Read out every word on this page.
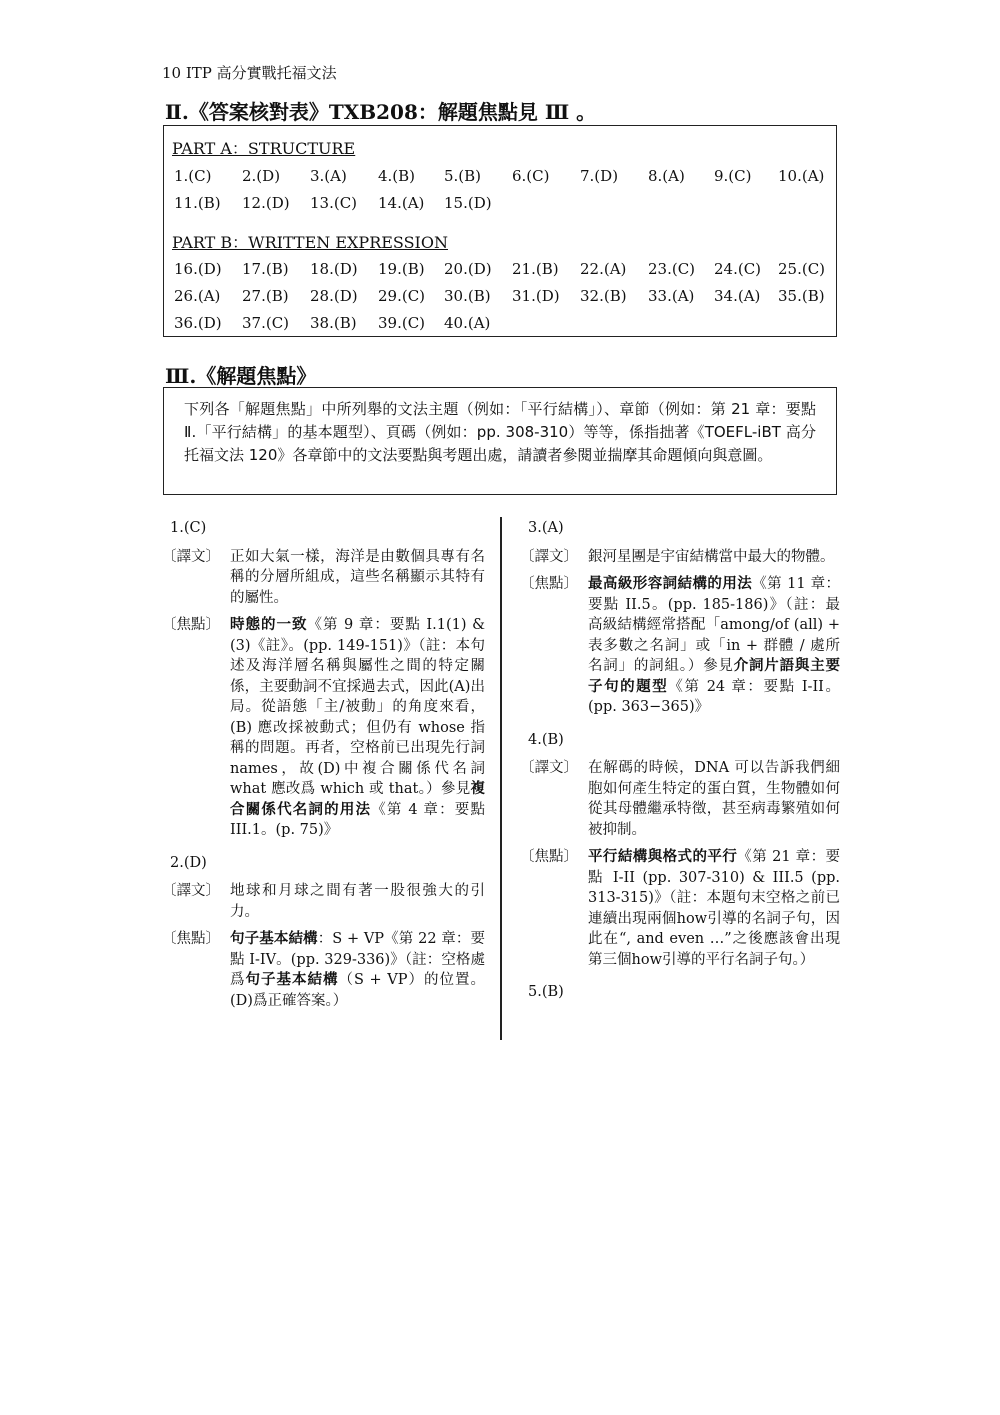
10 ITP 高分實戰托福文法
Ⅱ.《答案核對表》TXB208：解題焦點見 Ⅲ 。
PART A：STRUCTURE
1.(C) 2.(D) 3.(A) 4.(B) 5.(B) 6.(C) 7.(D) 8.(A) 9.(C) 10.(A)
11.(B) 12.(D) 13.(C) 14.(A) 15.(D)
PART B：WRITTEN EXPRESSION
16.(D) 17.(B) 18.(D) 19.(B) 20.(D) 21.(B) 22.(A) 23.(C) 24.(C) 25.(C)
26.(A) 27.(B) 28.(D) 29.(C) 30.(B) 31.(D) 32.(B) 33.(A) 34.(A) 35.(B)
36.(D) 37.(C) 38.(B) 39.(C) 40.(A)
Ⅲ.《解題焦點》
下列各「解題焦點」中所列舉的文法主題（例如：「平行結構」）、章節（例如：第 21 章：要點 Ⅱ.「平行結構」的基本題型）、頁碼（例如：pp. 308-310）等等，係指拙著《TOEFL-iBT 高分托福文法 120》各章節中的文法要點與考題出處，請讀者參閱並揣摩其命題傾向與意圖。
1.(C)
〔譯文〕 正如大氣一樣，海洋是由數個具專有名稱的分層所組成，這些名稱顯示其特有的屬性。
〔焦點〕 時態的一致《第 9 章：要點 I.1(1) & (3)《註》。(pp. 149-151)》（註：本句述及海洋層名稱與屬性之間的特定關係，主要動詞不宜採過去式，因此(A)出局。從語態「主/被動」的角度來看，(B) 應改採被動式；但仍有 whose 指稱的問題。再者，空格前已出現先行詞 names，故(D)中複合關係代名詞 what 應改爲 which 或 that。）參見複合關係代名詞的用法《第 4 章：要點 III.1。(p. 75)》
2.(D)
〔譯文〕 地球和月球之間有著一股很強大的引力。
〔焦點〕 句子基本結構：S + VP《第 22 章：要點 I-IV。(pp. 329-336)》（註：空格處爲句子基本結構（S + VP）的位置。(D)爲正確答案。）
3.(A)
〔譯文〕 銀河星團是宇宙結構當中最大的物體。
〔焦點〕 最高級形容詞結構的用法《第 11 章：要點 II.5。(pp. 185-186)》（註：最高級結構經常搭配「among/of (all) + 表多數之名詞」或「in + 群體 / 處所名詞」的詞組。）參見介詞片語與主要子句的題型《第 24 章：要點 I-II。(pp. 363−365)》
4.(B)
〔譯文〕 在解碼的時候，DNA 可以告訴我們細胞如何產生特定的蛋白質，生物體如何從其母體繼承特徵，甚至病毒繁殖如何被抑制。
〔焦點〕 平行結構與格式的平行《第 21 章：要點 I-II (pp. 307-310) & III.5 (pp. 313-315)》（註：本題句末空格之前已連續出現兩個how引導的名詞子句，因此在“, and even …”之後應該會出現第三個how引導的平行名詞子句。）
5.(B)
